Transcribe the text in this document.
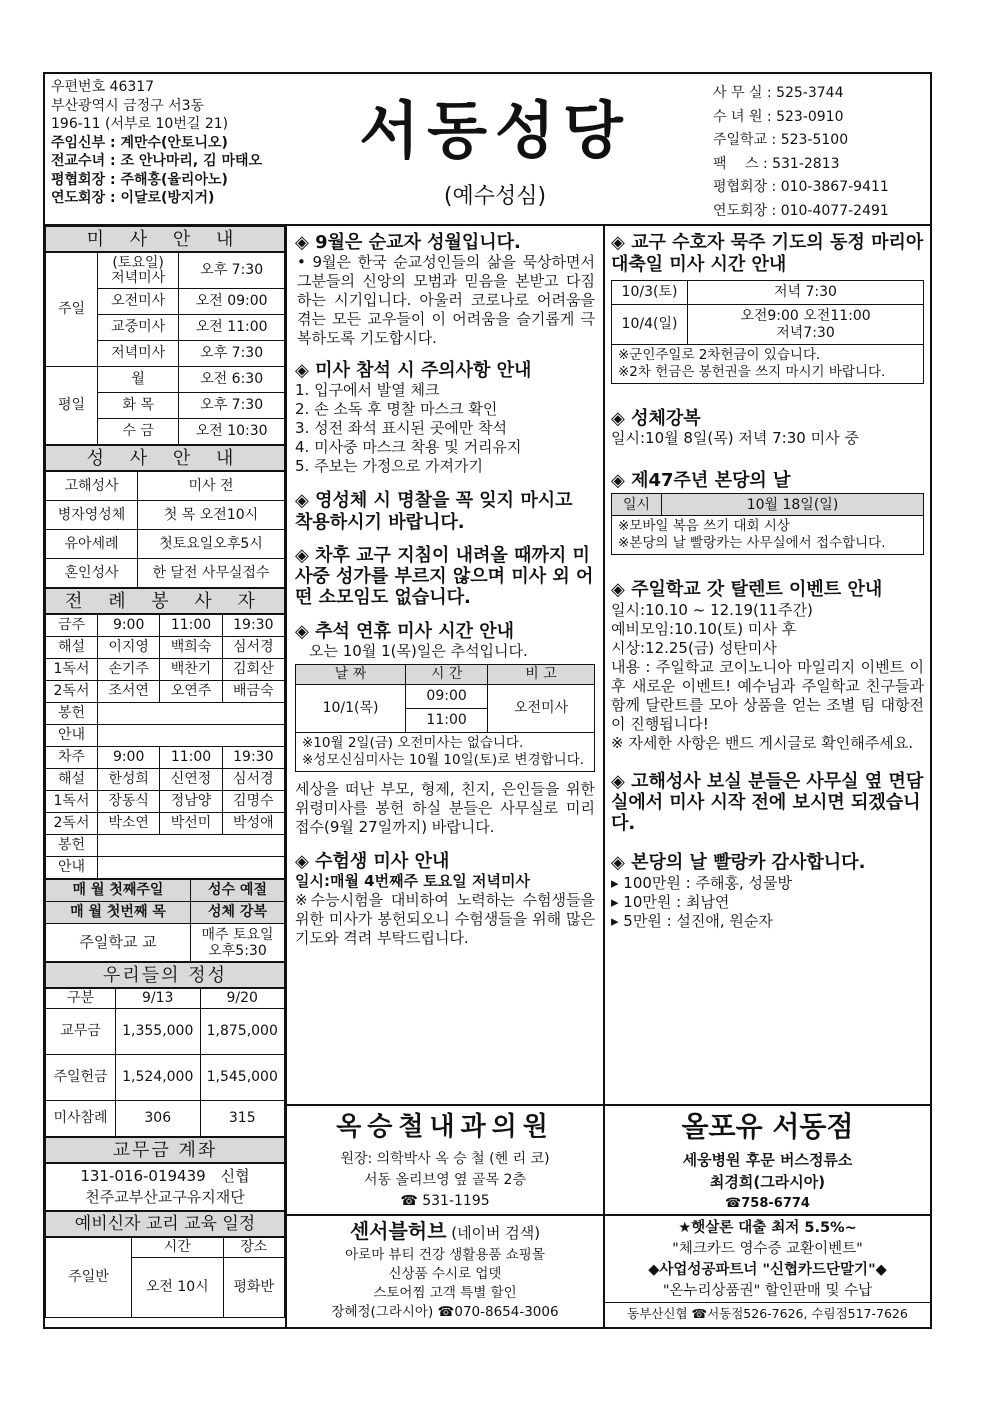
우편번호 46317
부산광역시 금정구 서3동
196-11 (서부로 10번길 21)
주임신부 : 계만수(안토니오)
전교수녀 : 조 안나마리, 김 마태오
평협회장 : 주해홍(율리아노)
연도회장 : 이달로(방지거)
서동성당
(예수성심)
사 무 실 : 525-3744
수 녀 원 : 523-0910
주일학교 : 523-5100
팩　 스 : 531-2813
평협회장 : 010-3867-9411
연도회장 : 010-4077-2491
미 사 안 내
주일	(토요일)
저녁미사	오후 7:30
	오전미사	오전 09:00
	교중미사	오전 11:00
	저녁미사	오후 7:30
평일	월	오전 6:30
	화 목	오후 7:30
	수 금	오전 10:30
성 사 안 내
고해성사	미사 전
병자영성체	첫 목 오전10시
유아세례	첫토요일오후5시
혼인성사	한 달전 사무실접수
전 례 봉 사 자
금주	9:00	11:00	19:30
해설	이지영	백희숙	심서경
1독서	손기주	백찬기	김회산
2독서	조서연	오연주	배금숙
봉헌			
안내			
차주	9:00	11:00	19:30
해설	한성희	신연정	심서경
1독서	장동식	정남양	김명수
2독서	박소연	박선미	박성애
봉헌			
안내			
매 월 첫째주일	성수 예절
매 월 첫번째 목	성체 강복
주일학교 교	매주 토요일
오후5:30
우리들의 정성
구분	9/13	9/20
교무금	1,355,000	1,875,000
주일헌금	1,524,000	1,545,000
미사참례	306	315
교무금 계좌
131-016-019439　신협
천주교부산교구유지재단
예비신자 교리 교육 일정
주일반	시간	장소
	오전 10시	평화반
◈ 9월은 순교자 성월입니다.
• 9월은 한국 순교성인들의 삶을 묵상하면서 그분들의 신앙의 모범과 믿음을 본받고 다짐하는 시기입니다. 아울러 코로나로 어려움을 겪는 모든 교우들이 이 어려움을 슬기롭게 극복하도록 기도합시다.
◈ 미사 참석 시 주의사항 안내
1. 입구에서 발열 체크
2. 손 소독 후 명찰 마스크 확인
3. 성전 좌석 표시된 곳에만 착석
4. 미사중 마스크 착용 및 거리유지
5. 주보는 가정으로 가져가기
◈ 영성체 시 명찰을 꼭 잊지 마시고 착용하시기 바랍니다.
◈ 차후 교구 지침이 내려올 때까지 미사중 성가를 부르지 않으며 미사 외 어떤 소모임도 없습니다.
◈ 추석 연휴 미사 시간 안내
오는 10월 1(목)일은 추석입니다.
날 짜	시 간	비 고
10/1(목)	09:00	오전미사
	11:00	
※10월 2일(금) 오전미사는 없습니다.
※성모신심미사는 10월 10일(토)로 변경합니다.
세상을 떠난 부모, 형제, 친지, 은인들을 위한 위령미사를 봉헌 하실 분들은 사무실로 미리 접수(9월 27일까지) 바랍니다.
◈ 수험생 미사 안내
일시:매월 4번째주 토요일 저녁미사
※수능시험을 대비하여 노력하는 수험생들을 위한 미사가 봉헌되오니 수험생들을 위해 많은 기도와 격려 부탁드립니다.
◈ 교구 수호자 묵주 기도의 동정 마리아 대축일 미사 시간 안내
10/3(토)	저녁 7:30
10/4(일)	오전9:00 오전11:00
저녁7:30
※군인주일로 2차헌금이 있습니다.
※2차 헌금은 봉헌권을 쓰지 마시기 바랍니다.
◈ 성체강복
일시:10월 8일(목) 저녁 7:30 미사 중
◈ 제47주년 본당의 날
일시	10월 18일(일)
※모바일 복음 쓰기 대회 시상
※본당의 날 빨랑카는 사무실에서 접수합니다.
◈ 주일학교 갓 탈렌트 이벤트 안내
일시:10.10 ~ 12.19(11주간)
예비모임:10.10(토) 미사 후
시상:12.25(금) 성탄미사
내용 : 주일학교 코이노니아 마일리지 이벤트 이후 새로운 이벤트! 예수님과 주일학교 친구들과 함께 달란트를 모아 상품을 얻는 조별 팀 대항전이 진행됩니다!
※ 자세한 사항은 밴드 게시글로 확인해주세요.
◈ 고해성사 보실 분들은 사무실 옆 면담실에서 미사 시작 전에 보시면 되겠습니다.
◈ 본당의 날 빨랑카 감사합니다.
▸ 100만원 : 주해홍, 성물방
▸ 10만원 : 최남연
▸ 5만원 : 설진애, 원순자
옥승철내과의원
원장: 의학박사 옥 승 철 (헨 리 코)
서동 올리브영 옆 골목 2층
☎ 531-1195
올포유 서동점
세웅병원 후문 버스정류소
최경희(그라시아)
☎758-6774
센서블허브 (네이버 검색)
아로마 뷰티 건강 생활용품 쇼핑몰
신상품 수시로 업뎃
스토어찜 고객 특별 할인
장혜정(그라시아) ☎070-8654-3006
★햇살론 대출 최저 5.5%~
"체크카드 영수증 교환이벤트"
◆사업성공파트너 "신협카드단말기"◆
"온누리상품권" 할인판매 및 수납
동부산신협 ☎서동점526-7626, 수림점517-7626
